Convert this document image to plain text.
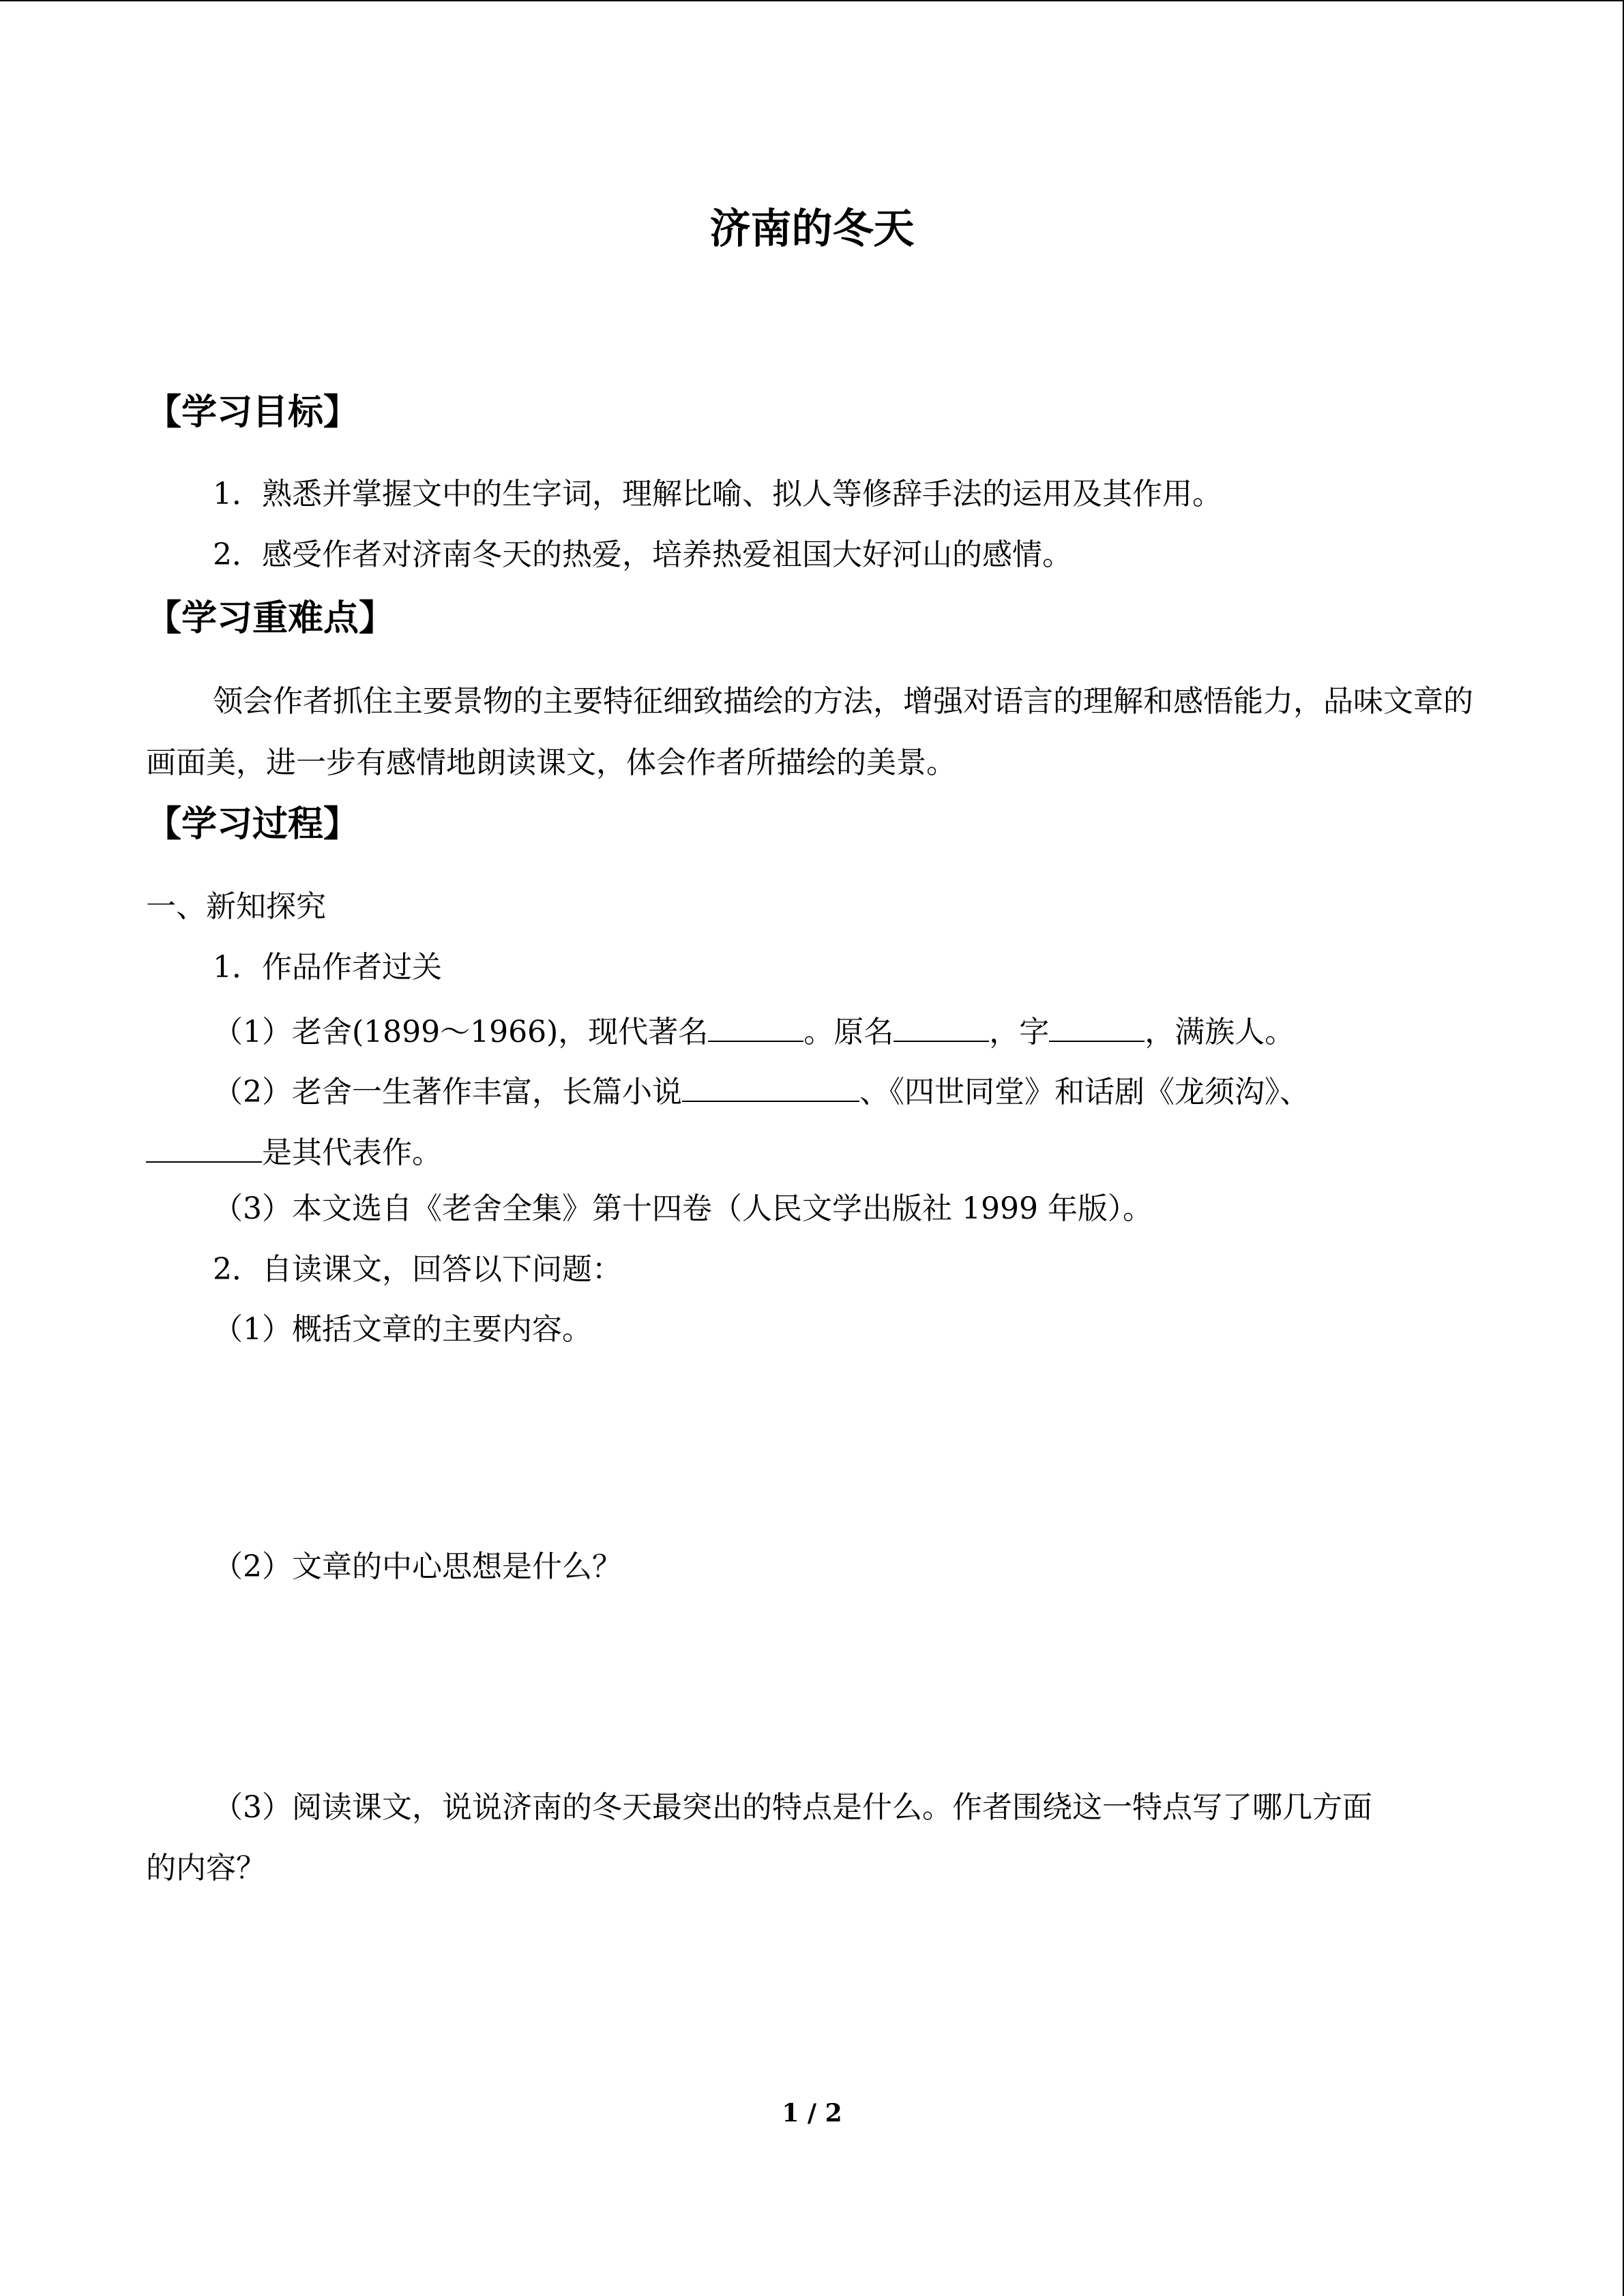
济南的冬天
【学习目标】
1．熟悉并掌握文中的生字词，理解比喻、拟人等修辞手法的运用及其作用。
2．感受作者对济南冬天的热爱，培养热爱祖国大好河山的感情。
【学习重难点】

领会作者抓住主要景物的主要特征细致描绘的方法，增强对语言的理解和感悟能力，品味文章的画面美，进一步有感情地朗读课文，体会作者所描绘的美景。

【学习过程】
一、新知探究
1．作品作者过关
（1）老舍(1899～1966)，现代著名	。原名	，字	，满族人。
（2）老舍一生著作丰富，长篇小说	、《四世同堂》和话剧《龙须沟》、
是其代表作。
（3）本文选自《老舍全集》第十四卷（人民文学出版社 1999 年版）。
2．自读课文，回答以下问题：
（1）概括文章的主要内容。
（2）文章的中心思想是什么？
（3）阅读课文，说说济南的冬天最突出的特点是什么。作者围绕这一特点写了哪几方面
的内容？
1 / 2
